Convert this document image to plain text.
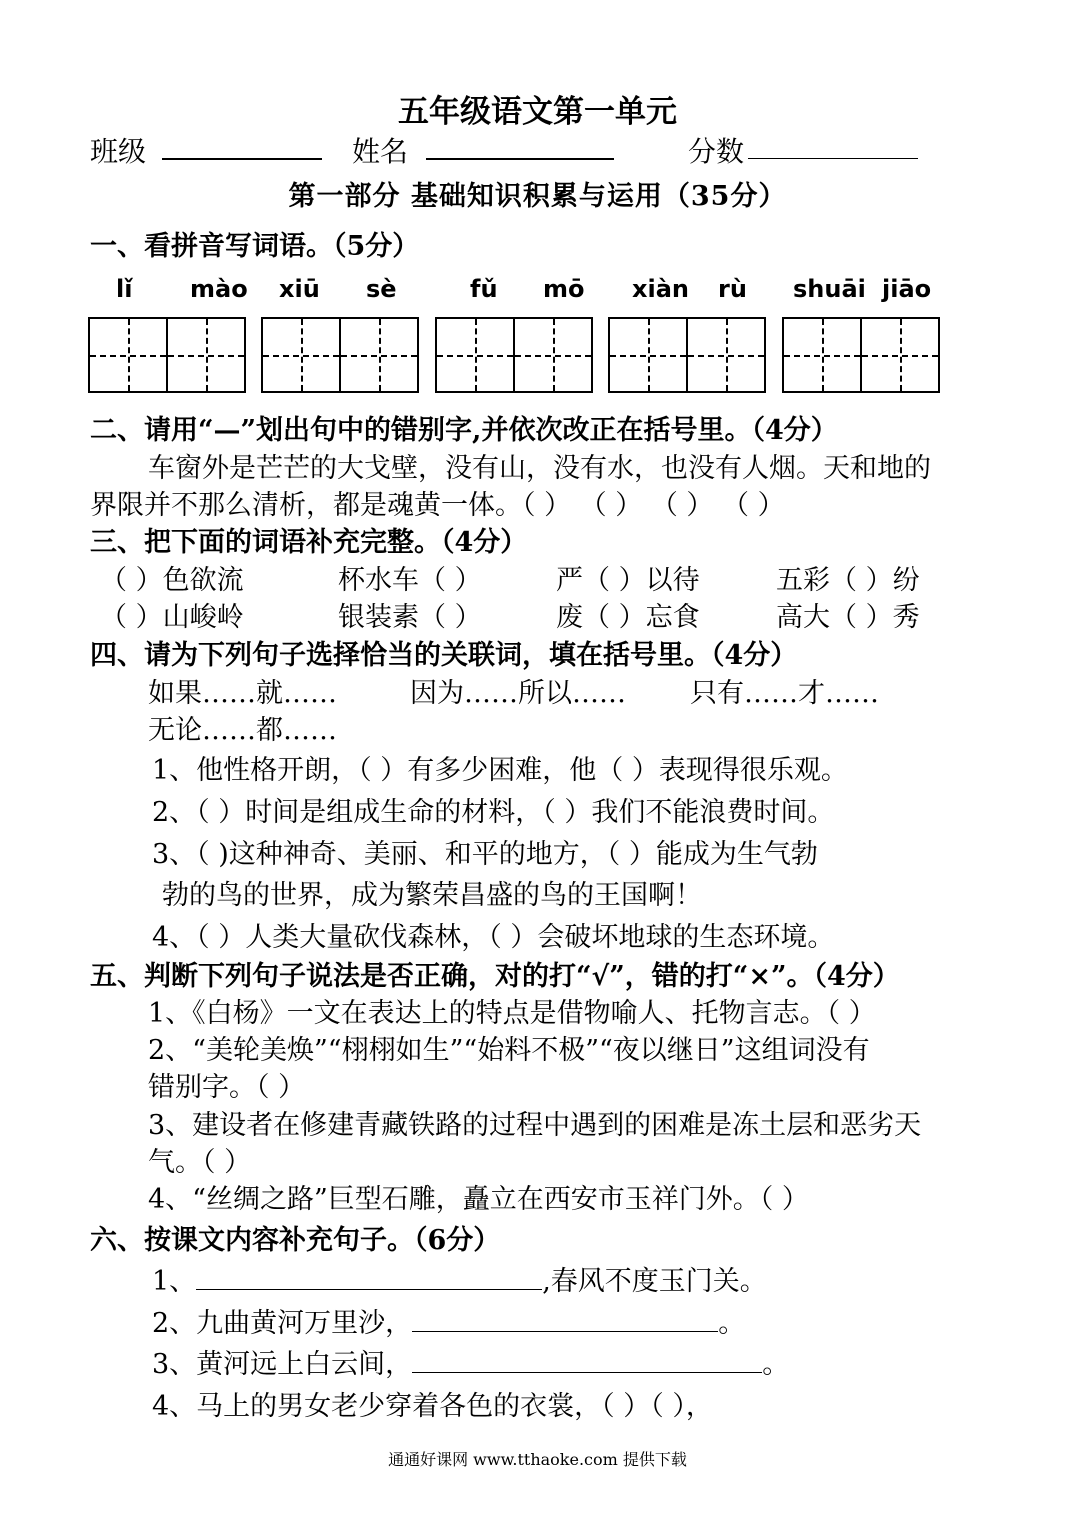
五年级语文第一单元
班级	姓名	分数
第一部分 基础知识积累与运用（35分）
一、看拼音写词语。（5分）
lǐ mào xiū sè	fǔ mō xiàn rù shuāi jiāo
二、请用“—”划出句中的错别字,并依次改正在括号里。（4分）
车窗外是芒芒的大戈壁，没有山，没有水，也没有人烟。天和地的
界限并不那么清析，都是魂黄一体。（ ） （ ） （ ） （ ）
三、把下面的词语补充完整。（4分）
（ ）色欲流	杯水车（ ）	严（ ）以待	五彩（ ）纷
（ ）山峻岭	银装素（ ）	废（ ）忘食	高大（ ）秀
四、请为下列句子选择恰当的关联词，填在括号里。（4分）
如果……就……	因为……所以…… 只有……才……
无论……都……
1、他性格开朗，（ ）有多少困难，他（ ）表现得很乐观。
2、（ ）时间是组成生命的材料，（ ）我们不能浪费时间。
3、（ )这种神奇、美丽、和平的地方，（ ）能成为生气勃
勃的鸟的世界，成为繁荣昌盛的鸟的王国啊！
4、（ ）人类大量砍伐森林，（ ）会破坏地球的生态环境。
五、判断下列句子说法是否正确，对的打“√”，错的打“×”。（4分）
1、《白杨》一文在表达上的特点是借物喻人、托物言志。（ ）
2、“美轮美焕”“栩栩如生”“始料不极”“夜以继日”这组词没有
错别字。（ ）
3、建设者在修建青藏铁路的过程中遇到的困难是冻土层和恶劣天
气。（ ）
4、“丝绸之路”巨型石雕，矗立在西安市玉祥门外。（ ）
六、按课文内容补充句子。（6分）
1、	,春风不度玉门关。
2、九曲黄河万里沙，	。
3、黄河远上白云间，	。
4、马上的男女老少穿着各色的衣裳，（ ）（ ），
通通好课网 www.tthaoke.com 提供下载
